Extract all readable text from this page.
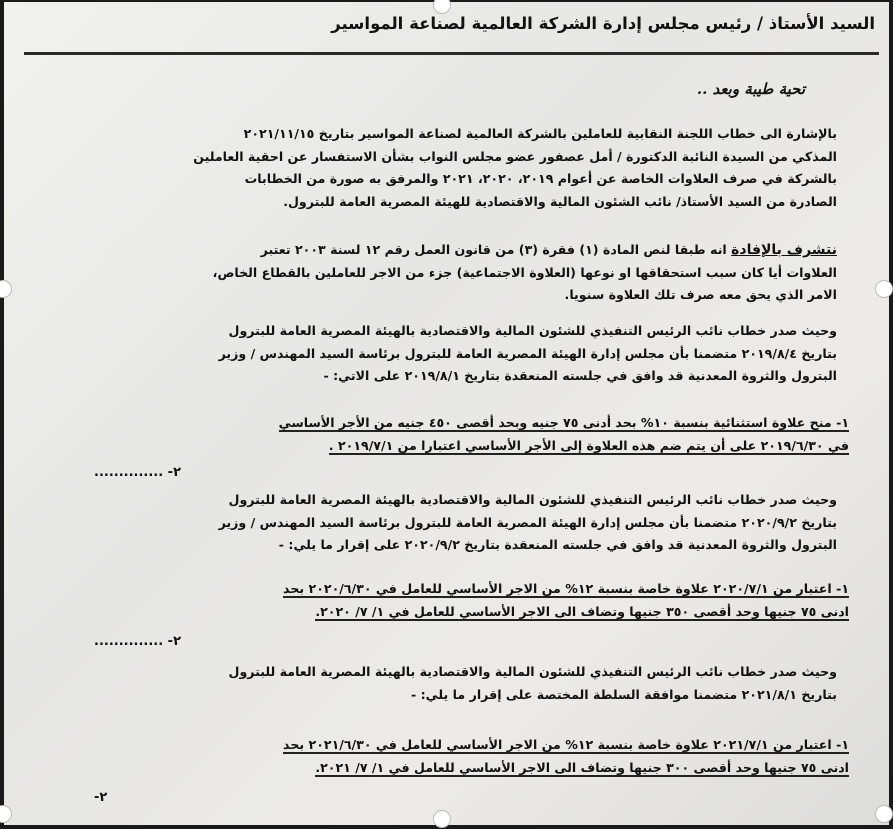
السيد الأستاذ / رئيس مجلس إدارة الشركة العالمية لصناعة المواسير
تحية طيبة وبعد ..

بالإشارة الى خطاب اللجنة النقابية للعاملين بالشركة العالمية لصناعة المواسير بتاريخ ٢٠٢١/١١/١٥

المذكي من السيدة النائبة الدكتورة / أمل عصفور عضو مجلس النواب بشأن الاستفسار عن احقية العاملين

بالشركة في صرف العلاوات الخاصة عن أعوام ٢٠١٩، ٢٠٢٠، ٢٠٢١ والمرفق به صورة من الخطابات

الصادرة من السيد الأستاذ/ نائب الشئون المالية والاقتصادية للهيئة المصرية العامة للبترول.

نتشرف بالإفادة انه طبقا لنص المادة (١) فقرة (٣) من قانون العمل رقم ١٢ لسنة ٢٠٠٣ تعتبر

العلاوات أيا كان سبب استحقاقها او نوعها (العلاوة الاجتماعية) جزء من الاجر للعاملين بالقطاع الخاص،

الامر الذي يحق معه صرف تلك العلاوة سنويا.

وحيث صدر خطاب نائب الرئيس التنفيذي للشئون المالية والاقتصادية بالهيئة المصرية العامة للبترول

بتاريخ ٢٠١٩/٨/٤ متضمنا بأن مجلس إدارة الهيئة المصرية العامة للبترول برئاسة السيد المهندس / وزير

البترول والثروة المعدنية قد وافق في جلسته المنعقدة بتاريخ ٢٠١٩/٨/١ على الاتي: -

١- منح علاوة استثنائية بنسبة ١٠% بحد أدنى ٧٥ جنيه وبحد أقصى ٤٥٠ جنيه من الأجر الأساسي

في ٢٠١٩/٦/٣٠ على أن يتم ضم هذه العلاوة إلى الأجر الأساسي اعتبارا من ٢٠١٩/٧/١ .

٢- ..............

وحيث صدر خطاب نائب الرئيس التنفيذي للشئون المالية والاقتصادية بالهيئة المصرية العامة للبترول

بتاريخ ٢٠٢٠/٩/٢ متضمنا بأن مجلس إدارة الهيئة المصرية العامة للبترول برئاسة السيد المهندس / وزير

البترول والثروة المعدنية قد وافق في جلسته المنعقدة بتاريخ ٢٠٢٠/٩/٢ على إقرار ما يلي: -

١- اعتبار من ٢٠٢٠/٧/١ علاوة خاصة بنسبة ١٢% من الاجر الأساسي للعامل في ٢٠٢٠/٦/٣٠ بحد

ادنى ٧٥ جنيها وحد أقصى ٣٥٠ جنيها وتضاف الى الاجر الأساسي للعامل في ١/ ٧/ ٢٠٢٠.

٢- ..............

وحيث صدر خطاب نائب الرئيس التنفيذي للشئون المالية والاقتصادية بالهيئة المصرية العامة للبترول

بتاريخ ٢٠٢١/٨/١ متضمنا موافقة السلطة المختصة على إقرار ما يلي: -

١- اعتبار من ٢٠٢١/٧/١ علاوة خاصة بنسبة ١٢% من الاجر الأساسي للعامل في ٢٠٢١/٦/٣٠ بحد

ادنى ٧٥ جنيها وحد أقصى ٣٠٠ جنيها وتضاف الى الاجر الأساسي للعامل في ١/ ٧/ ٢٠٢١.

٢-
